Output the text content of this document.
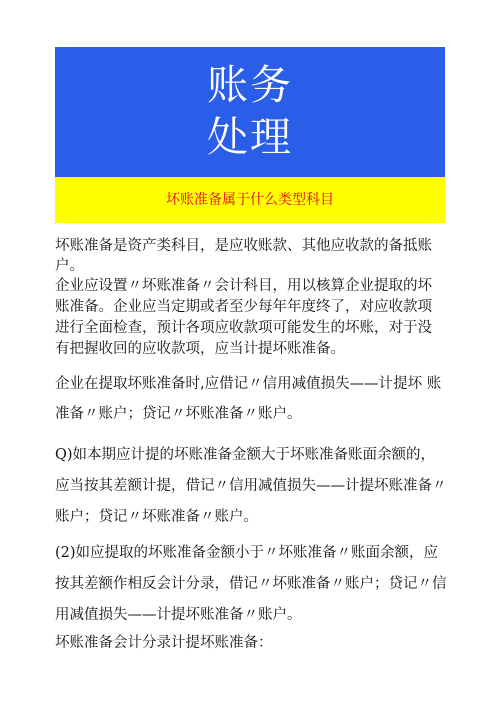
账务
处理
坏账准备属于什么类型科目
坏账准备是资产类科目，是应收账款、其他应收款的备抵账 户。
企业应设置〃坏账准备〃会计科目，用以核算企业提取的坏 账准备。企业应当定期或者至少每年年度终了，对应收款项 进行全面检查，预计各项应收款项可能发生的坏账，对于没 有把握收回的应收款项，应当计提坏账准备。
企业在提取坏账准备时,应借记〃信用减值损失——计提坏 账准备〃账户；贷记〃坏账准备〃账户。
Q)如本期应计提的坏账准备金额大于坏账准备账面余额的， 应当按其差额计提，借记〃信用减值损失——计提坏账准备〃 账户；贷记〃坏账准备〃账户。
(2)如应提取的坏账准备金额小于〃坏账准备〃账面余额，应 按其差额作相反会计分录，借记〃坏账准备〃账户；贷记〃信 用减值损失——计提坏账准备〃账户。
坏账准备会计分录计提坏账准备：
